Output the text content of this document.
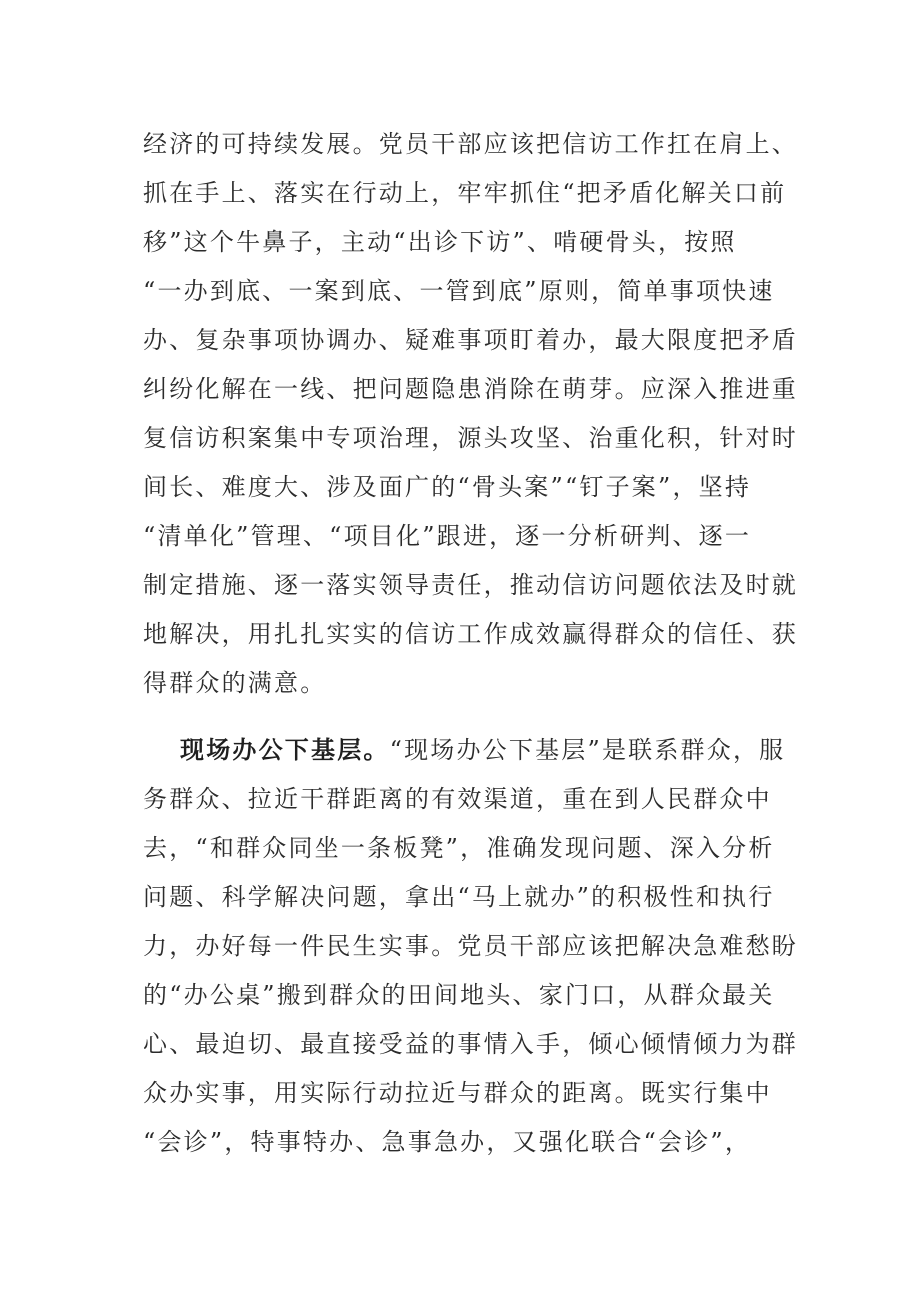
经济的可持续发展。党员干部应该把信访工作扛在肩上、
抓在手上、落实在行动上，牢牢抓住“把矛盾化解关口前
移”这个牛鼻子，主动“出诊下访”、啃硬骨头，按照
“一办到底、一案到底、一管到底”原则，简单事项快速
办、复杂事项协调办、疑难事项盯着办，最大限度把矛盾
纠纷化解在一线、把问题隐患消除在萌芽。应深入推进重
复信访积案集中专项治理，源头攻坚、治重化积，针对时
间长、难度大、涉及面广的“骨头案”“钉子案”，坚持
“清单化”管理、“项目化”跟进，逐一分析研判、逐一
制定措施、逐一落实领导责任，推动信访问题依法及时就
地解决，用扎扎实实的信访工作成效赢得群众的信任、获
得群众的满意。
现场办公下基层。“现场办公下基层”是联系群众，服
务群众、拉近干群距离的有效渠道，重在到人民群众中
去，“和群众同坐一条板凳”，准确发现问题、深入分析
问题、科学解决问题，拿出“马上就办”的积极性和执行
力，办好每一件民生实事。党员干部应该把解决急难愁盼
的“办公桌”搬到群众的田间地头、家门口，从群众最关
心、最迫切、最直接受益的事情入手，倾心倾情倾力为群
众办实事，用实际行动拉近与群众的距离。既实行集中
“会诊”，特事特办、急事急办，又强化联合“会诊”，
